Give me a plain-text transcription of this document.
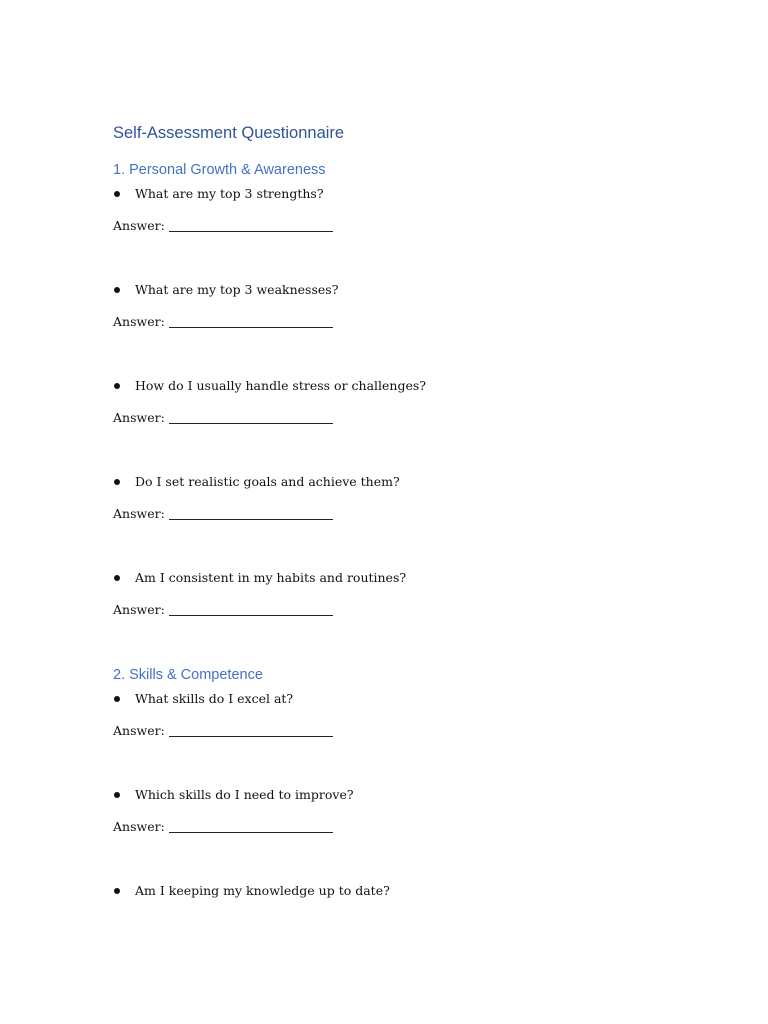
Self-Assessment Questionnaire
1. Personal Growth & Awareness
What are my top 3 strengths?
Answer:
What are my top 3 weaknesses?
Answer:
How do I usually handle stress or challenges?
Answer:
Do I set realistic goals and achieve them?
Answer:
Am I consistent in my habits and routines?
Answer:
2. Skills & Competence
What skills do I excel at?
Answer:
Which skills do I need to improve?
Answer:
Am I keeping my knowledge up to date?
